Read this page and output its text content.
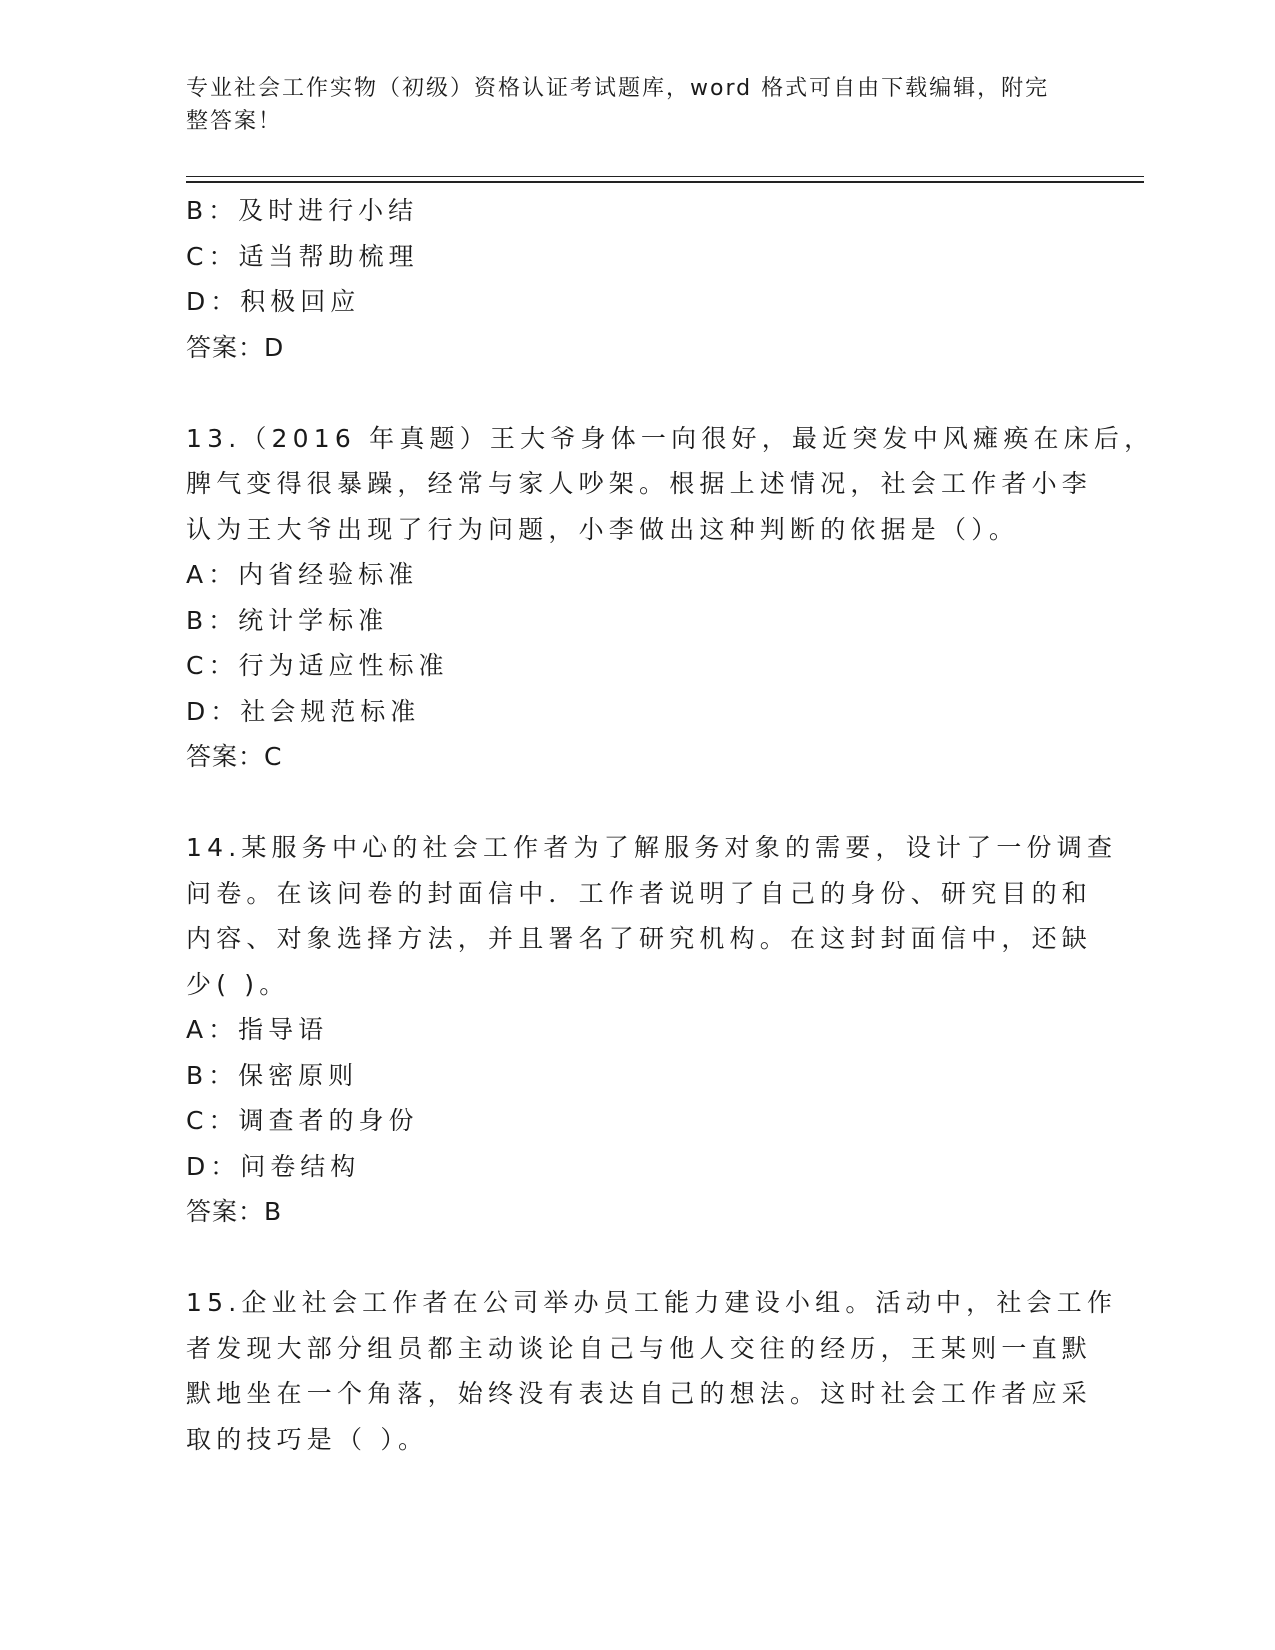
专业社会工作实物（初级）资格认证考试题库，word 格式可自由下载编辑，附完
整答案！
B：及时进行小结
C：适当帮助梳理
D：积极回应
答案：D
13.（2016 年真题）王大爷身体一向很好，最近突发中风瘫痪在床后，
脾气变得很暴躁，经常与家人吵架。根据上述情况，社会工作者小李
认为王大爷出现了行为问题，小李做出这种判断的依据是（）。
A：内省经验标准
B：统计学标准
C：行为适应性标准
D：社会规范标准
答案：C
14.某服务中心的社会工作者为了解服务对象的需要，设计了一份调查
问卷。在该问卷的封面信中．工作者说明了自己的身份、研究目的和
内容、对象选择方法，并且署名了研究机构。在这封封面信中，还缺
少( )。
A：指导语
B：保密原则
C：调查者的身份
D：问卷结构
答案：B
15.企业社会工作者在公司举办员工能力建设小组。活动中，社会工作
者发现大部分组员都主动谈论自己与他人交往的经历，王某则一直默
默地坐在一个角落，始终没有表达自己的想法。这时社会工作者应采
取的技巧是（ ）。
